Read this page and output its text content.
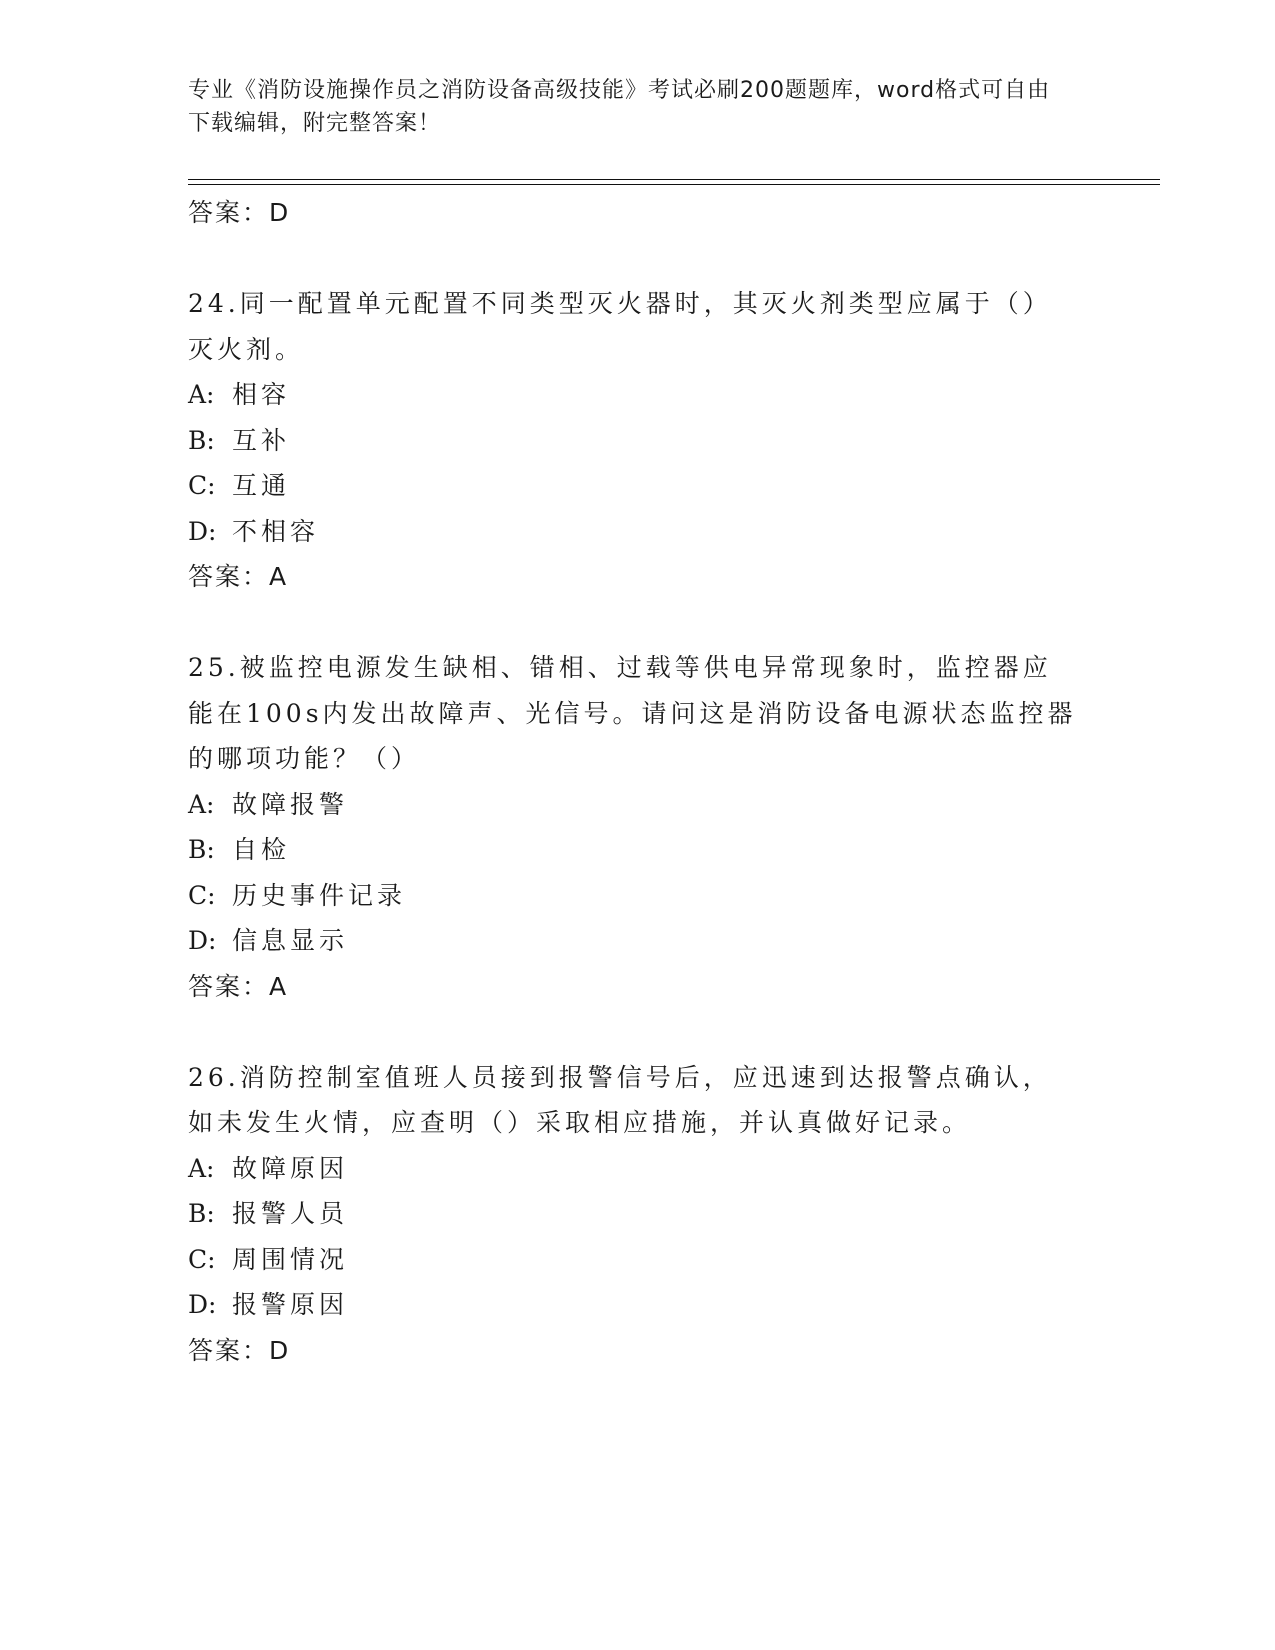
专业《消防设施操作员之消防设备高级技能》考试必刷200题题库，word格式可自由下载编辑，附完整答案！
答案：D
24.同一配置单元配置不同类型灭火器时，其灭火剂类型应属于（）灭火剂。
A: 相容
B: 互补
C: 互通
D: 不相容
答案：A
25.被监控电源发生缺相、错相、过载等供电异常现象时，监控器应能在100s内发出故障声、光信号。请问这是消防设备电源状态监控器的哪项功能？（）
A: 故障报警
B: 自检
C: 历史事件记录
D: 信息显示
答案：A
26.消防控制室值班人员接到报警信号后，应迅速到达报警点确认，如未发生火情，应查明（）采取相应措施，并认真做好记录。
A: 故障原因
B: 报警人员
C: 周围情况
D: 报警原因
答案：D
